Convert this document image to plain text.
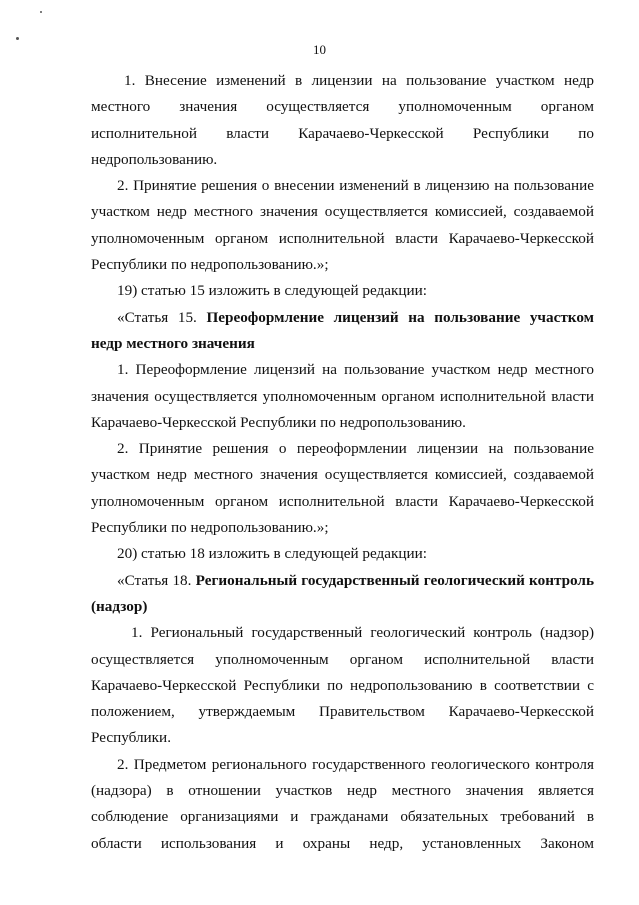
10

1. Внесение изменений в лицензии на пользование участком недр местного значения осуществляется уполномоченным органом исполнительной власти Карачаево-Черкесской Республики по недропользованию.

2. Принятие решения о внесении изменений в лицензию на пользование участком недр местного значения осуществляется комиссией, создаваемой уполномоченным органом исполнительной власти Карачаево-Черкесской Республики по недропользованию.»;

19) статью 15 изложить в следующей редакции:

«Статья 15. Переоформление лицензий на пользование участком недр местного значения

1. Переоформление лицензий на пользование участком недр местного значения осуществляется уполномоченным органом исполнительной власти Карачаево-Черкесской Республики по недропользованию.

2. Принятие решения о переоформлении лицензии на пользование участком недр местного значения осуществляется комиссией, создаваемой уполномоченным органом исполнительной власти Карачаево-Черкесской Республики по недропользованию.»;

20) статью 18 изложить в следующей редакции:

«Статья 18. Региональный государственный геологический контроль (надзор)

1. Региональный государственный геологический контроль (надзор) осуществляется уполномоченным органом исполнительной власти Карачаево-Черкесской Республики по недропользованию в соответствии с положением, утверждаемым Правительством Карачаево-Черкесской Республики.

2. Предметом регионального государственного геологического контроля (надзора) в отношении участков недр местного значения является соблюдение организациями и гражданами обязательных требований в области использования и охраны недр, установленных Законом
